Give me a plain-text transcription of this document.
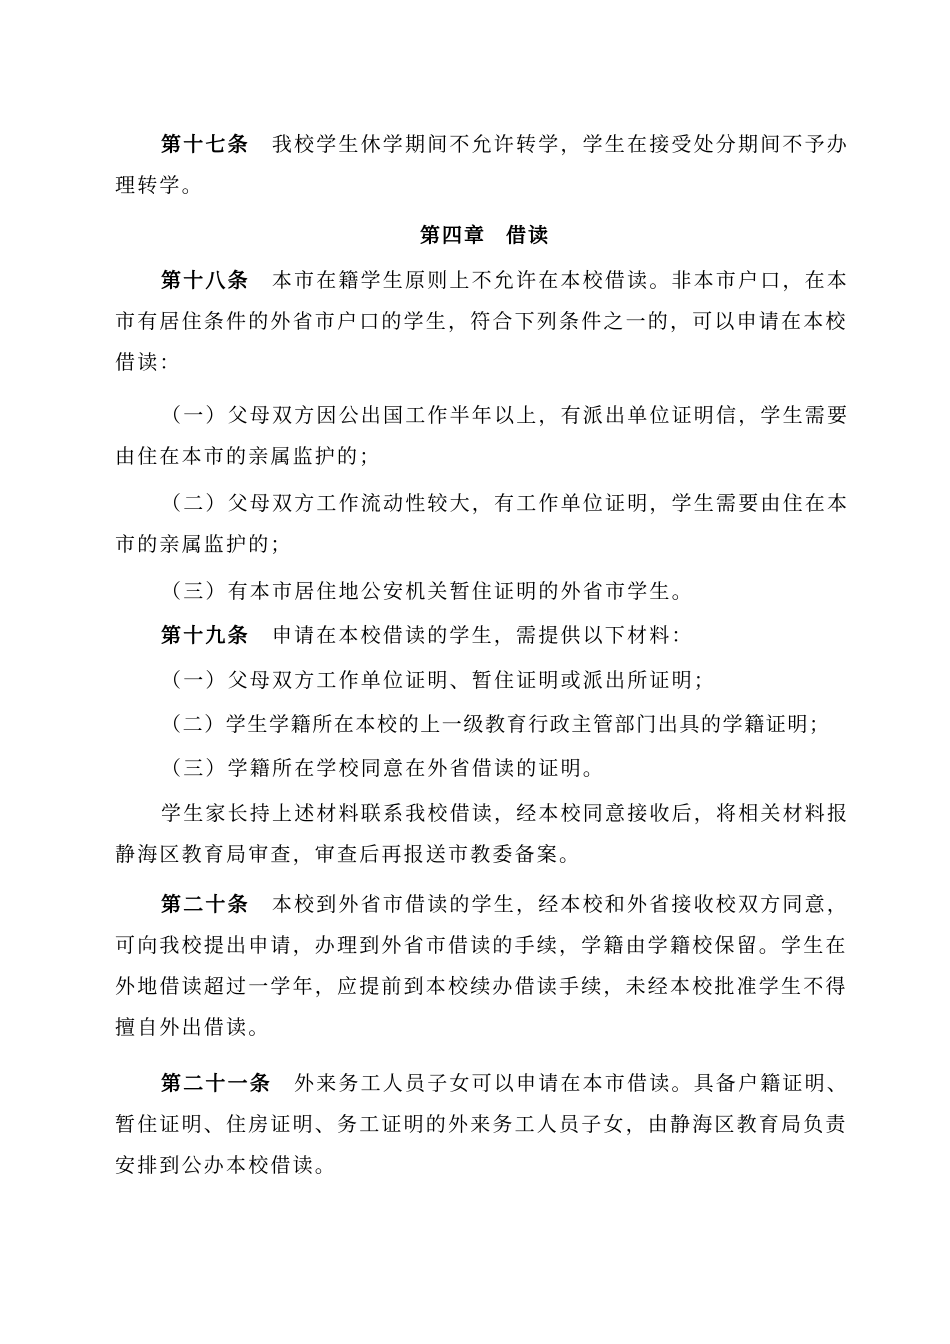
第十七条 我校学生休学期间不允许转学，学生在接受处分期间不予办理转学。

第四章 借读

第十八条 本市在籍学生原则上不允许在本校借读。非本市户口，在本市有居住条件的外省市户口的学生，符合下列条件之一的，可以申请在本校借读：

（一）父母双方因公出国工作半年以上，有派出单位证明信，学生需要由住在本市的亲属监护的；

（二）父母双方工作流动性较大，有工作单位证明，学生需要由住在本市的亲属监护的；

（三）有本市居住地公安机关暂住证明的外省市学生。

第十九条 申请在本校借读的学生，需提供以下材料：

（一）父母双方工作单位证明、暂住证明或派出所证明；

（二）学生学籍所在本校的上一级教育行政主管部门出具的学籍证明；

（三）学籍所在学校同意在外省借读的证明。

学生家长持上述材料联系我校借读，经本校同意接收后，将相关材料报静海区教育局审查，审查后再报送市教委备案。

第二十条 本校到外省市借读的学生，经本校和外省接收校双方同意，可向我校提出申请，办理到外省市借读的手续，学籍由学籍校保留。学生在外地借读超过一学年，应提前到本校续办借读手续，未经本校批准学生不得擅自外出借读。

第二十一条 外来务工人员子女可以申请在本市借读。具备户籍证明、暂住证明、住房证明、务工证明的外来务工人员子女，由静海区教育局负责安排到公办本校借读。
